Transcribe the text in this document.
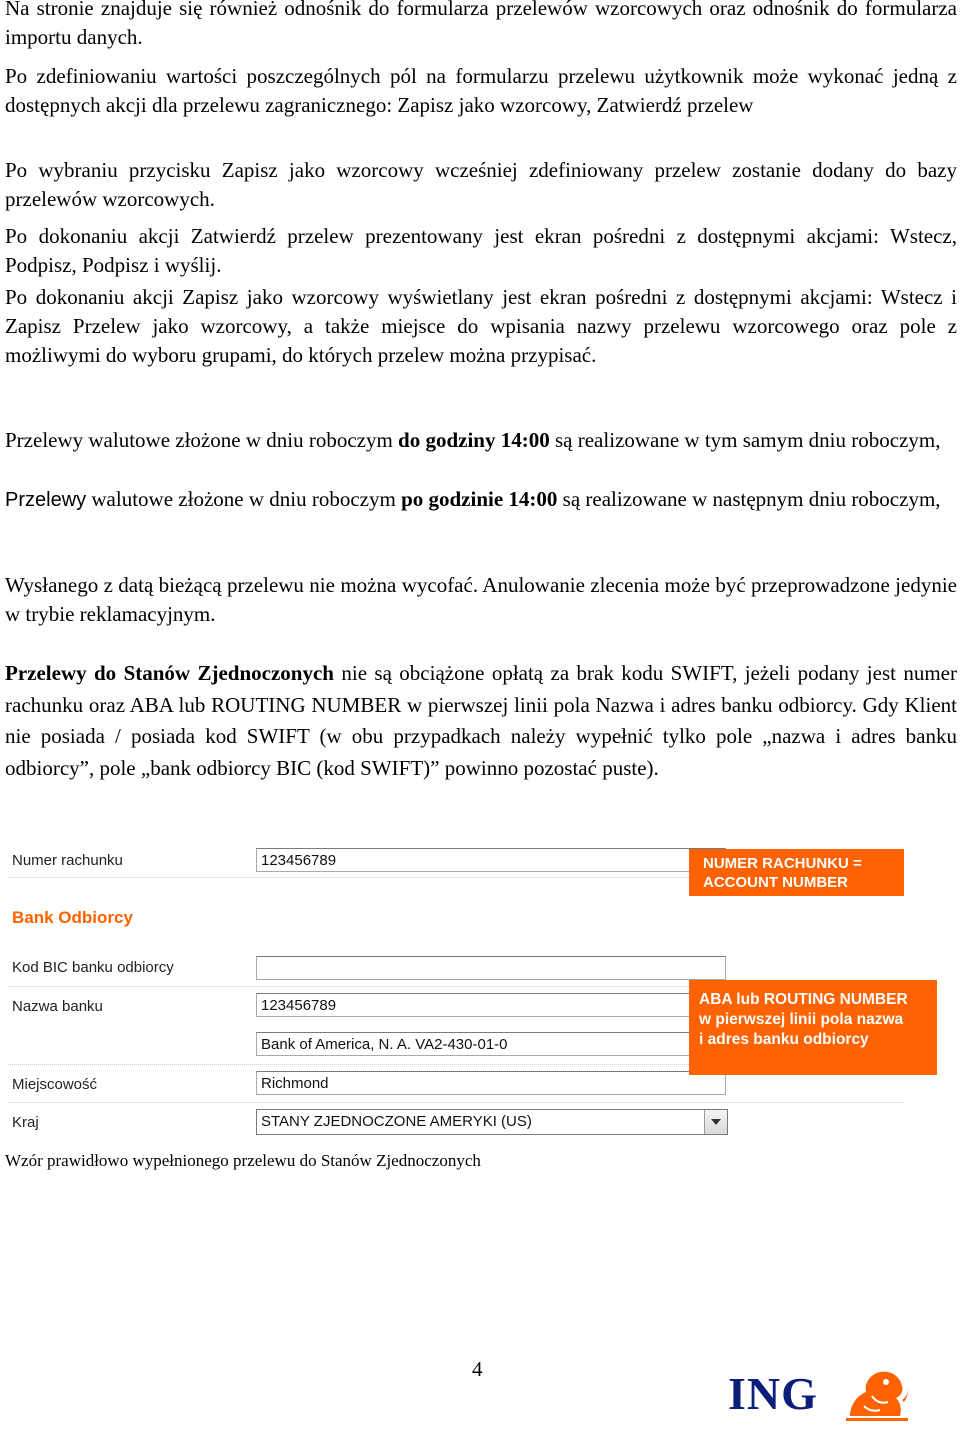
Na stronie znajduje się również odnośnik do formularza przelewów wzorcowych oraz odnośnik do formularza importu danych.

Po zdefiniowaniu wartości poszczególnych pól na formularzu przelewu użytkownik może wykonać jedną z dostępnych akcji dla przelewu zagranicznego: Zapisz jako wzorcowy, Zatwierdź przelew

Po wybraniu przycisku Zapisz jako wzorcowy wcześniej zdefiniowany przelew zostanie dodany do bazy przelewów wzorcowych.

Po dokonaniu akcji Zatwierdź przelew prezentowany jest ekran pośredni z dostępnymi akcjami: Wstecz, Podpisz, Podpisz i wyślij.

Po dokonaniu akcji Zapisz jako wzorcowy wyświetlany jest ekran pośredni z dostępnymi akcjami: Wstecz i Zapisz Przelew jako wzorcowy, a także miejsce do wpisania nazwy przelewu wzorcowego oraz pole z możliwymi do wyboru grupami, do których przelew można przypisać.

Przelewy walutowe złożone w dniu roboczym do godziny 14:00 są realizowane w tym samym dniu roboczym,

Przelewy walutowe złożone w dniu roboczym po godzinie 14:00 są realizowane w następnym dniu roboczym,

Wysłanego z datą bieżącą przelewu nie można wycofać. Anulowanie zlecenia może być przeprowadzone jedynie w trybie reklamacyjnym.

Przelewy do Stanów Zjednoczonych nie są obciążone opłatą za brak kodu SWIFT, jeżeli podany jest numer rachunku oraz ABA lub ROUTING NUMBER w pierwszej linii pola Nazwa i adres banku odbiorcy. Gdy Klient nie posiada / posiada kod SWIFT (w obu przypadkach należy wypełnić tylko pole „nazwa i adres banku odbiorcy”, pole „bank odbiorcy BIC (kod SWIFT)” powinno pozostać puste).

Numer rachunku	123456789
Bank Odbiorcy
Kod BIC banku odbiorcy
Nazwa banku	123456789
Bank of America, N. A. VA2-430-01-0
Miejscowość	Richmond
Kraj	STANY ZJEDNOCZONE AMERYKI (US)
NUMER RACHUNKU =
ACCOUNT NUMBER
ABA lub ROUTING NUMBER
w pierwszej linii pola nazwa
i adres banku odbiorcy
Wzór prawidłowo wypełnionego przelewu do Stanów Zjednoczonych
4	ING
